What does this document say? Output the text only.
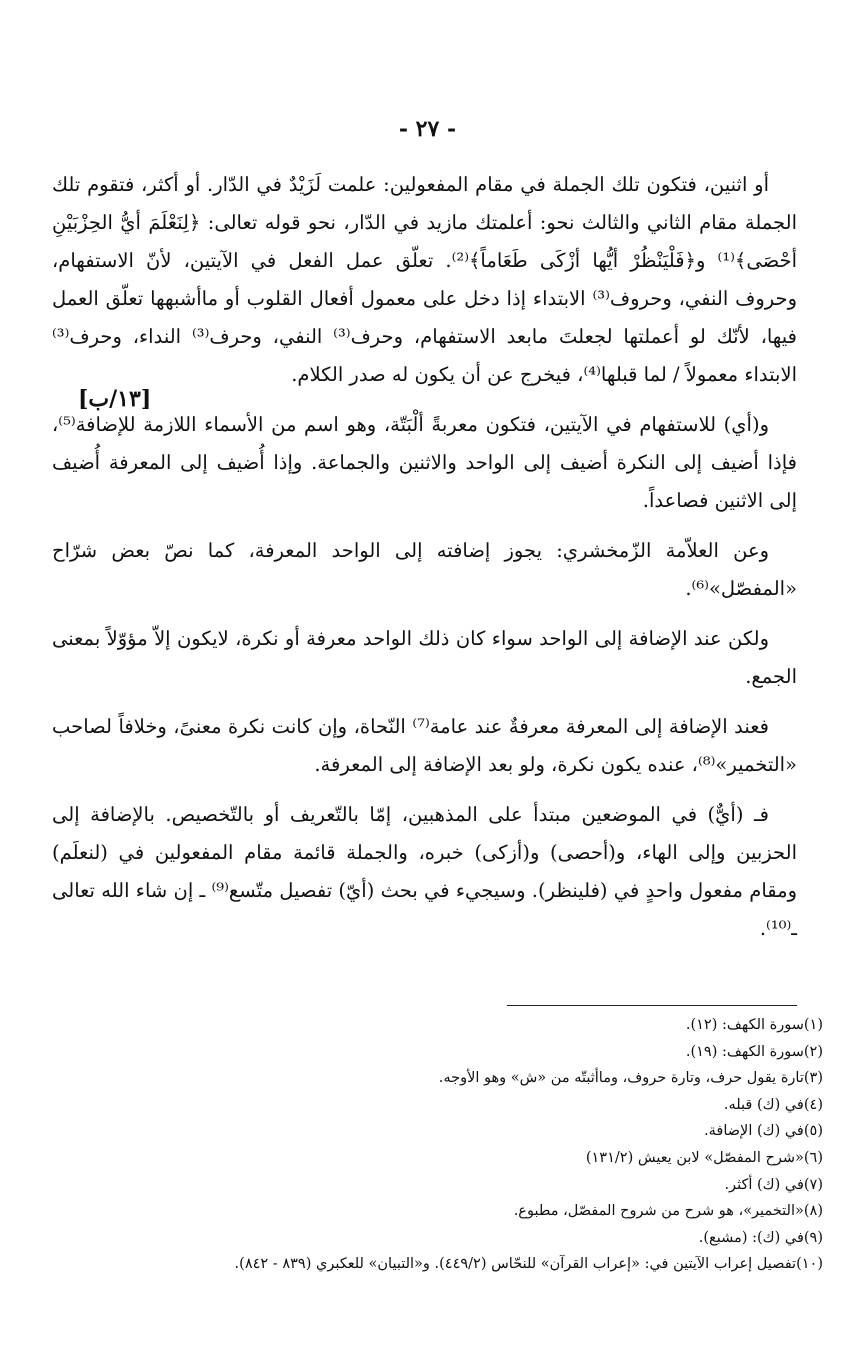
- ٢٧ -

أو اثنين، فتكون تلك الجملة في مقام المفعولين: علمت لَزَيْدٌ في الدّار. أو أكثر، فتقوم تلك الجملة مقام الثاني والثالث نحو: أعلمتك مازيد في الدّار، نحو قوله تعالى: ﴿لِنَعْلَمَ أيُّ الحِزْبَيْنِ أحْصَى﴾⁽¹⁾ و﴿فَلْيَنْظُرْ أيُّها أزْكَى طَعَاماً﴾⁽²⁾. تعلّق عمل الفعل في الآيتين، لأنّ الاستفهام، وحروف النفي، وحروف⁽³⁾ الابتداء إذا دخل على معمول أفعال القلوب أو ماأشبهها تعلّق العمل فيها، لأنّك لو أعملتها لجعلتَ مابعد الاستفهام، وحرف⁽³⁾ النفي، وحرف⁽³⁾ النداء، وحرف⁽³⁾ الابتداء معمولاً / لما قبلها⁽⁴⁾، فيخرج عن أن يكون له صدر الكلام.

و(أي) للاستفهام في الآيتين، فتكون معربةً ألْبَتّة، وهو اسم من الأسماء اللازمة للإضافة⁽⁵⁾، فإذا أضيف إلى النكرة أضيف إلى الواحد والاثنين والجماعة. وإذا أُضيف إلى المعرفة أُضيف إلى الاثنين فصاعداً.

وعن العلاّمة الزّمخشري: يجوز إضافته إلى الواحد المعرفة، كما نصّ بعض شرّاح «المفصّل»⁽⁶⁾.

ولكن عند الإضافة إلى الواحد سواء كان ذلك الواحد معرفة أو نكرة، لايكون إلاّ مؤوّلاً بمعنى الجمع.

فعند الإضافة إلى المعرفة معرفةٌ عند عامة⁽⁷⁾ النّحاة، وإن كانت نكرة معنىً، وخلافاً لصاحب «التخمير»⁽⁸⁾، عنده يكون نكرة، ولو بعد الإضافة إلى المعرفة.

فـ (أيٌّ) في الموضعين مبتدأ على المذهبين، إمّا بالتّعريف أو بالتّخصيص. بالإضافة إلى الحزبين وإلى الهاء، و(أحصى) و(أزكى) خبره، والجملة قائمة مقام المفعولين في (لنعلَم) ومقام مفعول واحدٍ في (فلينظر). وسيجيء في بحث (أيّ) تفصيل متّسع⁽⁹⁾ ـ إن شاء الله تعالى ـ⁽¹⁰⁾.

[١٣/ب]
(١)سورة الكهف: (١٢).
(٢)سورة الكهف: (١٩).
(٣)تارة يقول حرف، وتارة حروف، وماأثبتّه من «ش» وهو الأوجه.
(٤)في (ك) قبله.
(٥)في (ك) الإضافة.
(٦)«شرح المفصّل» لابن يعيش (١٣١/٢)
(٧)في (ك) أكثر.
(٨)«التخمير»، هو شرح من شروح المفصّل، مطبوع.
(٩)في (ك): (مشبع).
(١٠)تفصيل إعراب الآيتين في: «إعراب القرآن» للنحّاس (٤٤٩/٢). و«التبيان» للعكبري (٨٣٩ - ٨٤٢).
